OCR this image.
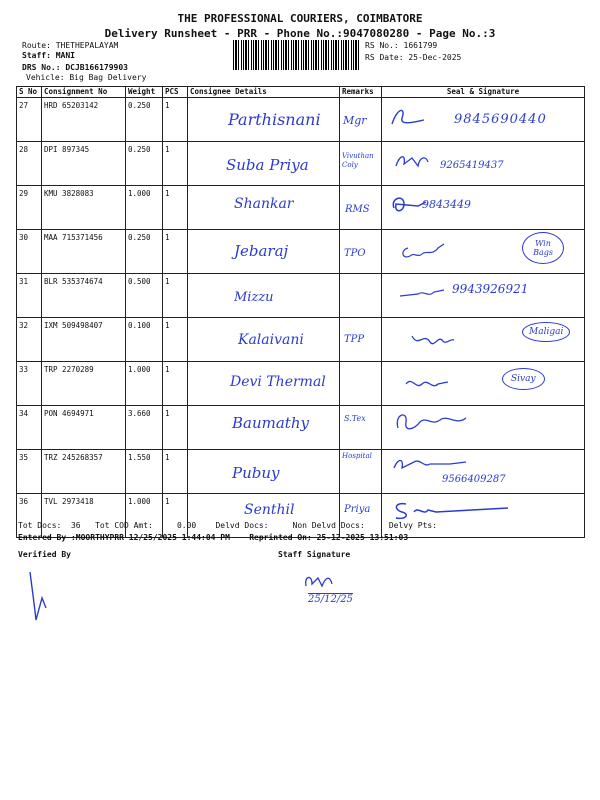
THE PROFESSIONAL COURIERS, COIMBATORE
Delivery Runsheet - PRR - Phone No.:9047080280 - Page No.:3
Route: THETHEPALAYAM
Staff: MANI
DRS No.: DCJB166179903
Vehicle: Big Bag Delivery
RS No.: 1661799
RS Date: 25-Dec-2025
S No	Consignment No	Weight	PCS	Consignee Details	Remarks	Seal & Signature
27	HRD 65203142	0.250	1	Parthisnani	Mgr	9845690440

28	DPI 897345	0.250	1	Suba Priya	Vivuthan Coly	9265419437

29	KMU 3828083	1.000	1	Shankar	RMS	9843449

30	MAA 715371456	0.250	1	Jebaraj	TPO	Win Bags

31	BLR 535374674	0.500	1	Mizzu		9943926921

32	IXM 509498407	0.100	1	Kalaivani	TPP	Maligai

33	TRP 2270289	1.000	1	Devi Thermal		Sivay

34	PON 4694971	3.660	1	Baumathy	S.Tex

35	TRZ 245268357	1.550	1	Pubuy	Hospital	9566409287

36	TVL 2973418	1.000	1	Senthil	Priya

Tot Docs:  36   Tot COD Amt:     0.00    Delvd Docs:     Non Delvd Docs:     Delvy Pts:
Entered By :MOORTHYPRR 12/25/2025 1:44:04 PM    Reprinted On: 25-12-2025 13:51:03
Verified By	Staff Signature
25/12/25
